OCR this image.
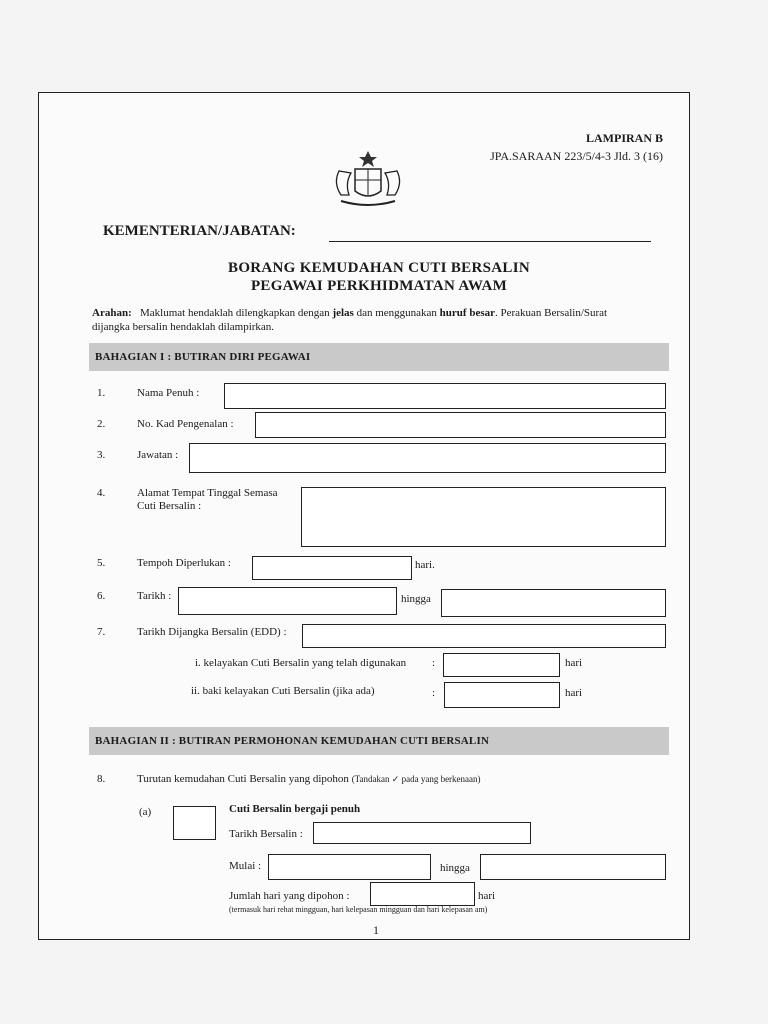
LAMPIRAN B
JPA.SARAAN 223/5/4-3 Jld. 3 (16)
KEMENTERIAN/JABATAN:
BORANG KEMUDAHAN CUTI BERSALIN
PEGAWAI PERKHIDMATAN AWAM
Arahan: Maklumat hendaklah dilengkapkan dengan jelas dan menggunakan huruf besar. Perakuan Bersalin/Surat
dijangka bersalin hendaklah dilampirkan.
BAHAGIAN I : BUTIRAN DIRI PEGAWAI
1.	Nama Penuh :
2.	No. Kad Pengenalan :
3.	Jawatan :
4.	Alamat Tempat Tinggal Semasa
Cuti Bersalin :
5.	Tempoh Diperlukan :	hari.
6.	Tarikh :	hingga
7.	Tarikh Dijangka Bersalin (EDD) :
i. kelayakan Cuti Bersalin yang telah digunakan :	hari
ii. baki kelayakan Cuti Bersalin (jika ada)	:	hari
BAHAGIAN II : BUTIRAN PERMOHONAN KEMUDAHAN CUTI BERSALIN
8.	Turutan kemudahan Cuti Bersalin yang dipohon (Tandakan ✓ pada yang berkenaan)
(a)	Cuti Bersalin bergaji penuh
Tarikh Bersalin :
Mulai :	hingga
Jumlah hari yang dipohon :	hari
(termasuk hari rehat mingguan, hari kelepasan mingguan dan hari kelepasan am)
1
